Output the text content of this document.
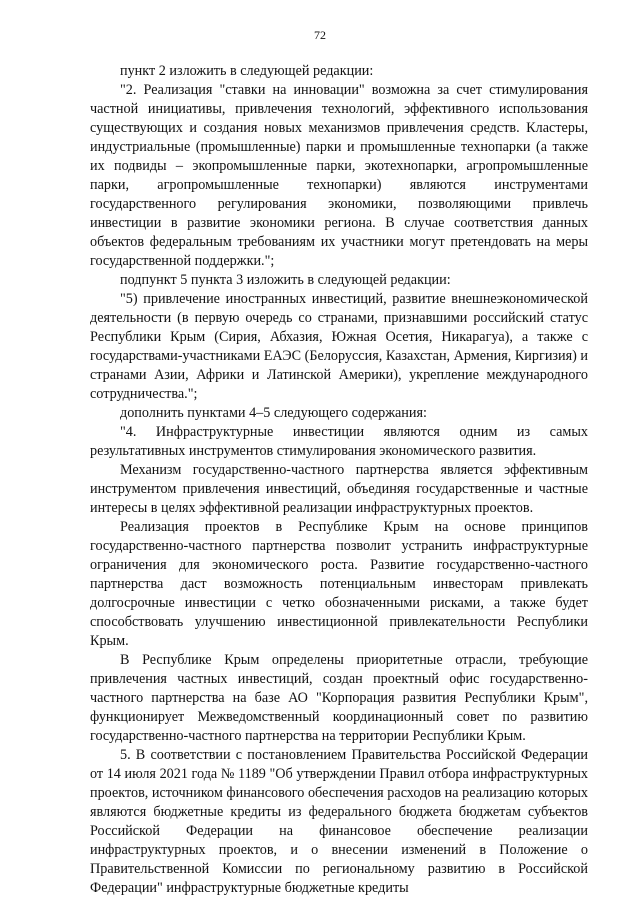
72

пункт 2 изложить в следующей редакции:

"2. Реализация "ставки на инновации" возможна за счет стимулирования частной инициативы, привлечения технологий, эффективного использования существующих и создания новых механизмов привлечения средств. Кластеры, индустриальные (промышленные) парки и промышленные технопарки (а также их подвиды – экопромышленные парки, экотехнопарки, агропромышленные парки, агропромышленные технопарки) являются инструментами государственного регулирования экономики, позволяющими привлечь инвестиции в развитие экономики региона. В случае соответствия данных объектов федеральным требованиям их участники могут претендовать на меры государственной поддержки.";

подпункт 5 пункта 3 изложить в следующей редакции:

"5) привлечение иностранных инвестиций, развитие внешнеэкономической деятельности (в первую очередь со странами, признавшими российский статус Республики Крым (Сирия, Абхазия, Южная Осетия, Никарагуа), а также с государствами-участниками ЕАЭС (Белоруссия, Казахстан, Армения, Киргизия) и странами Азии, Африки и Латинской Америки), укрепление международного сотрудничества.";

дополнить пунктами 4–5 следующего содержания:

"4. Инфраструктурные инвестиции являются одним из самых результативных инструментов стимулирования экономического развития.

Механизм государственно-частного партнерства является эффективным инструментом привлечения инвестиций, объединяя государственные и частные интересы в целях эффективной реализации инфраструктурных проектов.

Реализация проектов в Республике Крым на основе принципов государственно-частного партнерства позволит устранить инфраструктурные ограничения для экономического роста. Развитие государственно-частного партнерства даст возможность потенциальным инвесторам привлекать долгосрочные инвестиции с четко обозначенными рисками, а также будет способствовать улучшению инвестиционной привлекательности Республики Крым.

В Республике Крым определены приоритетные отрасли, требующие привлечения частных инвестиций, создан проектный офис государственно-частного партнерства на базе АО "Корпорация развития Республики Крым", функционирует Межведомственный координационный совет по развитию государственно-частного партнерства на территории Республики Крым.

5. В соответствии с постановлением Правительства Российской Федерации от 14 июля 2021 года № 1189 "Об утверждении Правил отбора инфраструктурных проектов, источником финансового обеспечения расходов на реализацию которых являются бюджетные кредиты из федерального бюджета бюджетам субъектов Российской Федерации на финансовое обеспечение реализации инфраструктурных проектов, и о внесении изменений в Положение о Правительственной Комиссии по региональному развитию в Российской Федерации" инфраструктурные бюджетные кредиты
